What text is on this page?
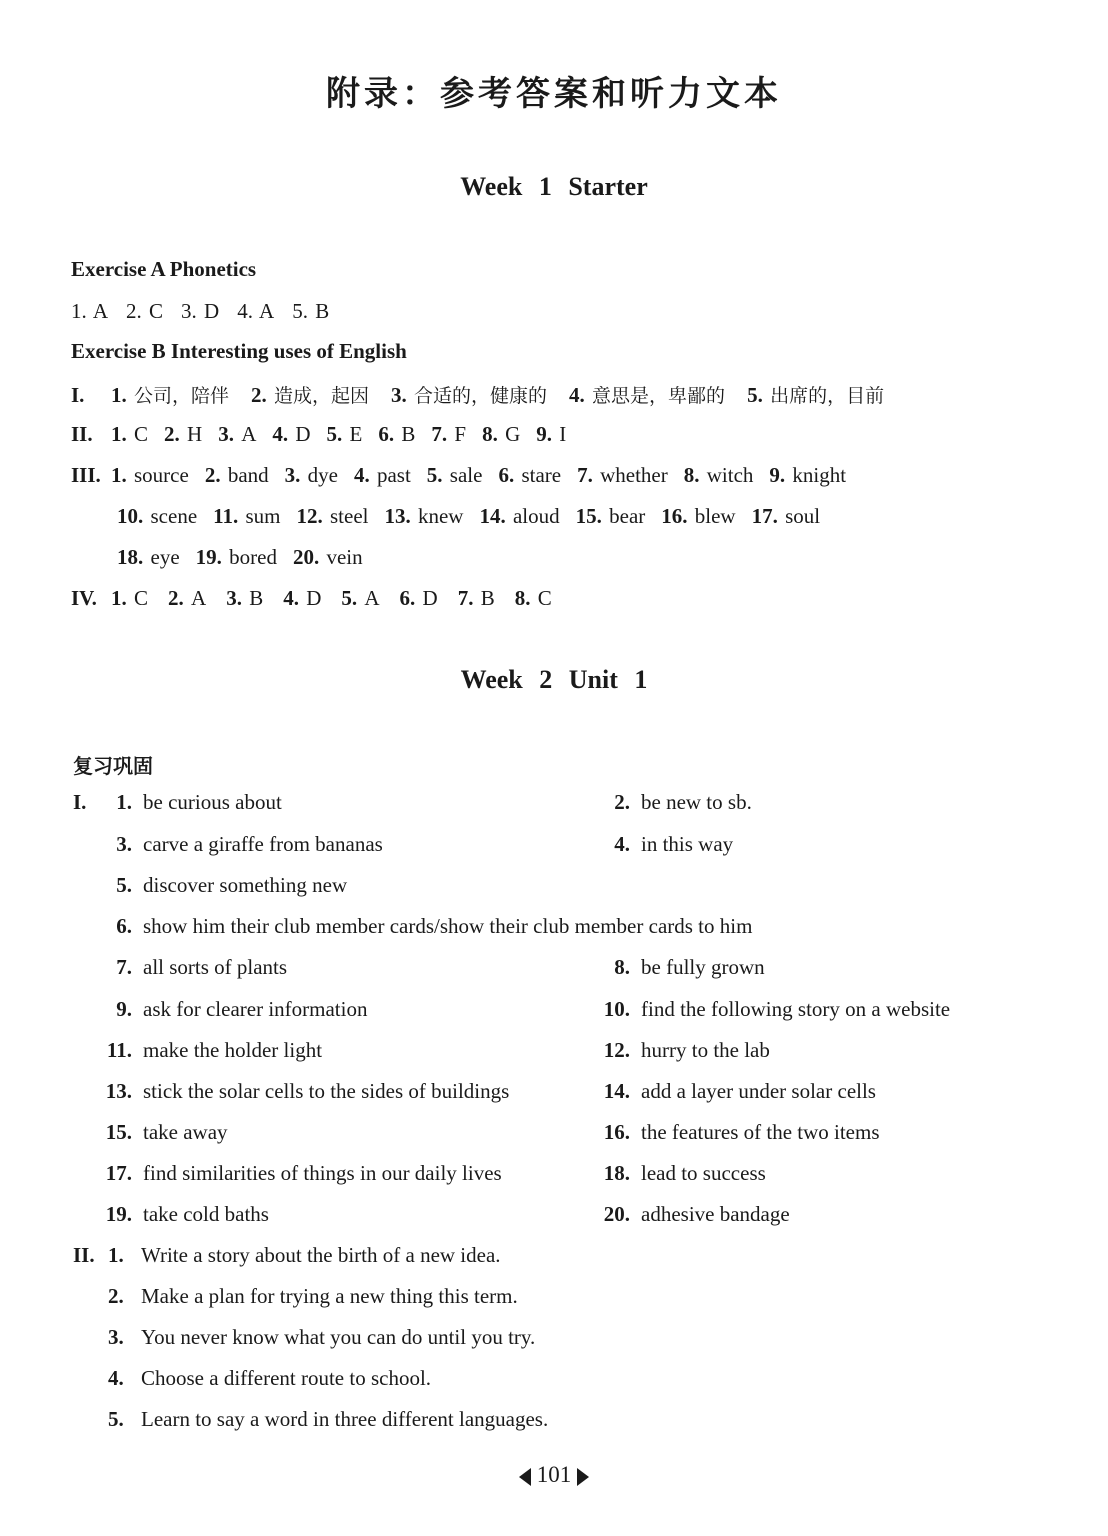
附录：参考答案和听力文本
Week 1 Starter
Exercise A Phonetics
1. A 2. C 3. D 4. A 5. B
Exercise B Interesting uses of English
I. 1. 公司，陪伴 2. 造成，起因 3. 合适的，健康的 4. 意思是，卑鄙的 5. 出席的，目前
II. 1. C 2. H 3. A 4. D 5. E 6. B 7. F 8. G 9. I
III. 1. source 2. band 3. dye 4. past 5. sale 6. stare 7. whether 8. witch 9. knight
10. scene 11. sum 12. steel 13. knew 14. aloud 15. bear 16. blew 17. soul
18. eye 19. bored 20. vein
IV. 1. C 2. A 3. B 4. D 5. A 6. D 7. B 8. C
Week 2 Unit 1
复习巩固
I.	1. be curious about	2. be new to sb.
3. carve a giraffe from bananas	4. in this way
5. discover something new
6. show him their club member cards/show their club member cards to him
7. all sorts of plants	8. be fully grown
9. ask for clearer information	10. find the following story on a website
11. make the holder light	12. hurry to the lab
13. stick the solar cells to the sides of buildings	14. add a layer under solar cells
15. take away	16. the features of the two items
17. find similarities of things in our daily lives	18. lead to success
19. take cold baths	20. adhesive bandage
II. 1. Write a story about the birth of a new idea.
2. Make a plan for trying a new thing this term.
3. You never know what you can do until you try.
4. Choose a different route to school.
5. Learn to say a word in three different languages.
101
